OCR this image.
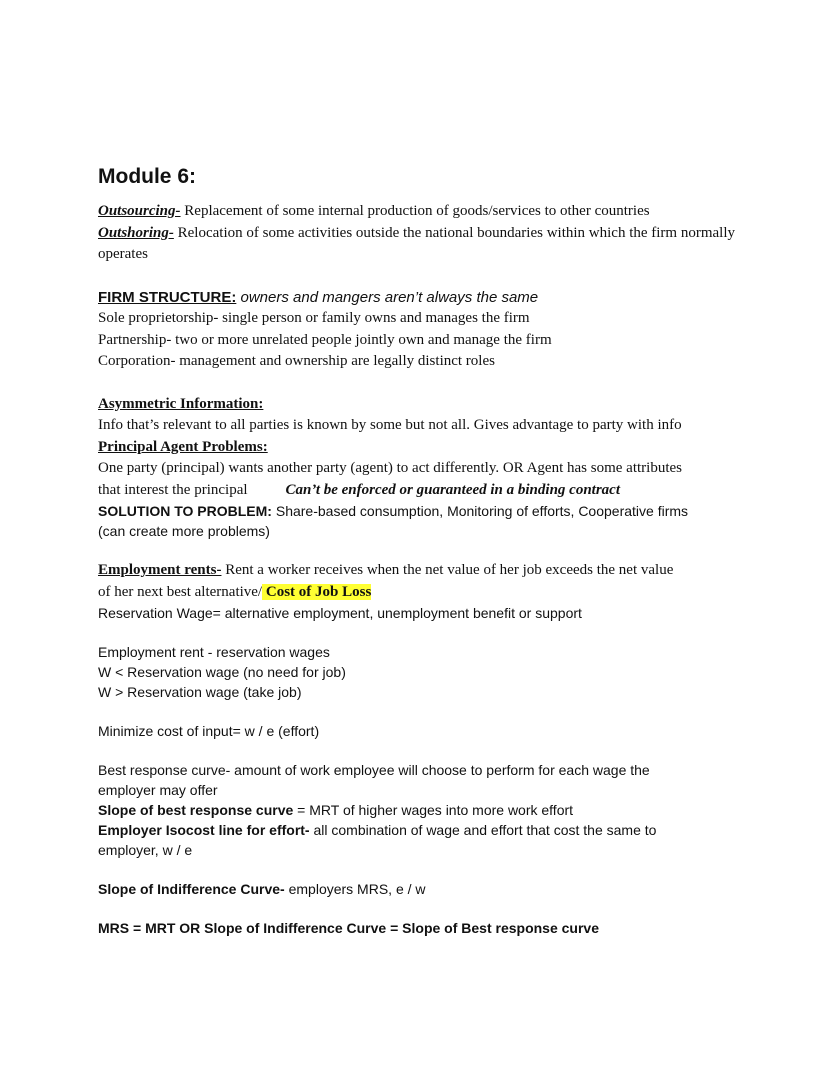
Module 6:

Outsourcing- Replacement of some internal production of goods/services to other countries

Outshoring- Relocation of some activities outside the national boundaries within which the firm normally operates

FIRM STRUCTURE: owners and mangers aren’t always the same

Sole proprietorship- single person or family owns and manages the firm

Partnership- two or more unrelated people jointly own and manage the firm

Corporation- management and ownership are legally distinct roles

Asymmetric Information:

Info that’s relevant to all parties is known by some but not all. Gives advantage to party with info

Principal Agent Problems:

One party (principal) wants another party (agent) to act differently. OR Agent has some attributes

that interest the principal	Can’t be enforced or guaranteed in a binding contract

SOLUTION TO PROBLEM: Share-based consumption, Monitoring of efforts, Cooperative firms

(can create more problems)

Employment rents- Rent a worker receives when the net value of her job exceeds the net value

of her next best alternative/ Cost of Job Loss

Reservation Wage= alternative employment, unemployment benefit or support

Employment rent - reservation wages

W < Reservation wage (no need for job)

W > Reservation wage (take job)

Minimize cost of input= w / e (effort)

Best response curve- amount of work employee will choose to perform for each wage the

employer may offer

Slope of best response curve = MRT of higher wages into more work effort

Employer Isocost line for effort- all combination of wage and effort that cost the same to

employer, w / e

Slope of Indifference Curve- employers MRS, e / w

MRS = MRT OR Slope of Indifference Curve = Slope of Best response curve
